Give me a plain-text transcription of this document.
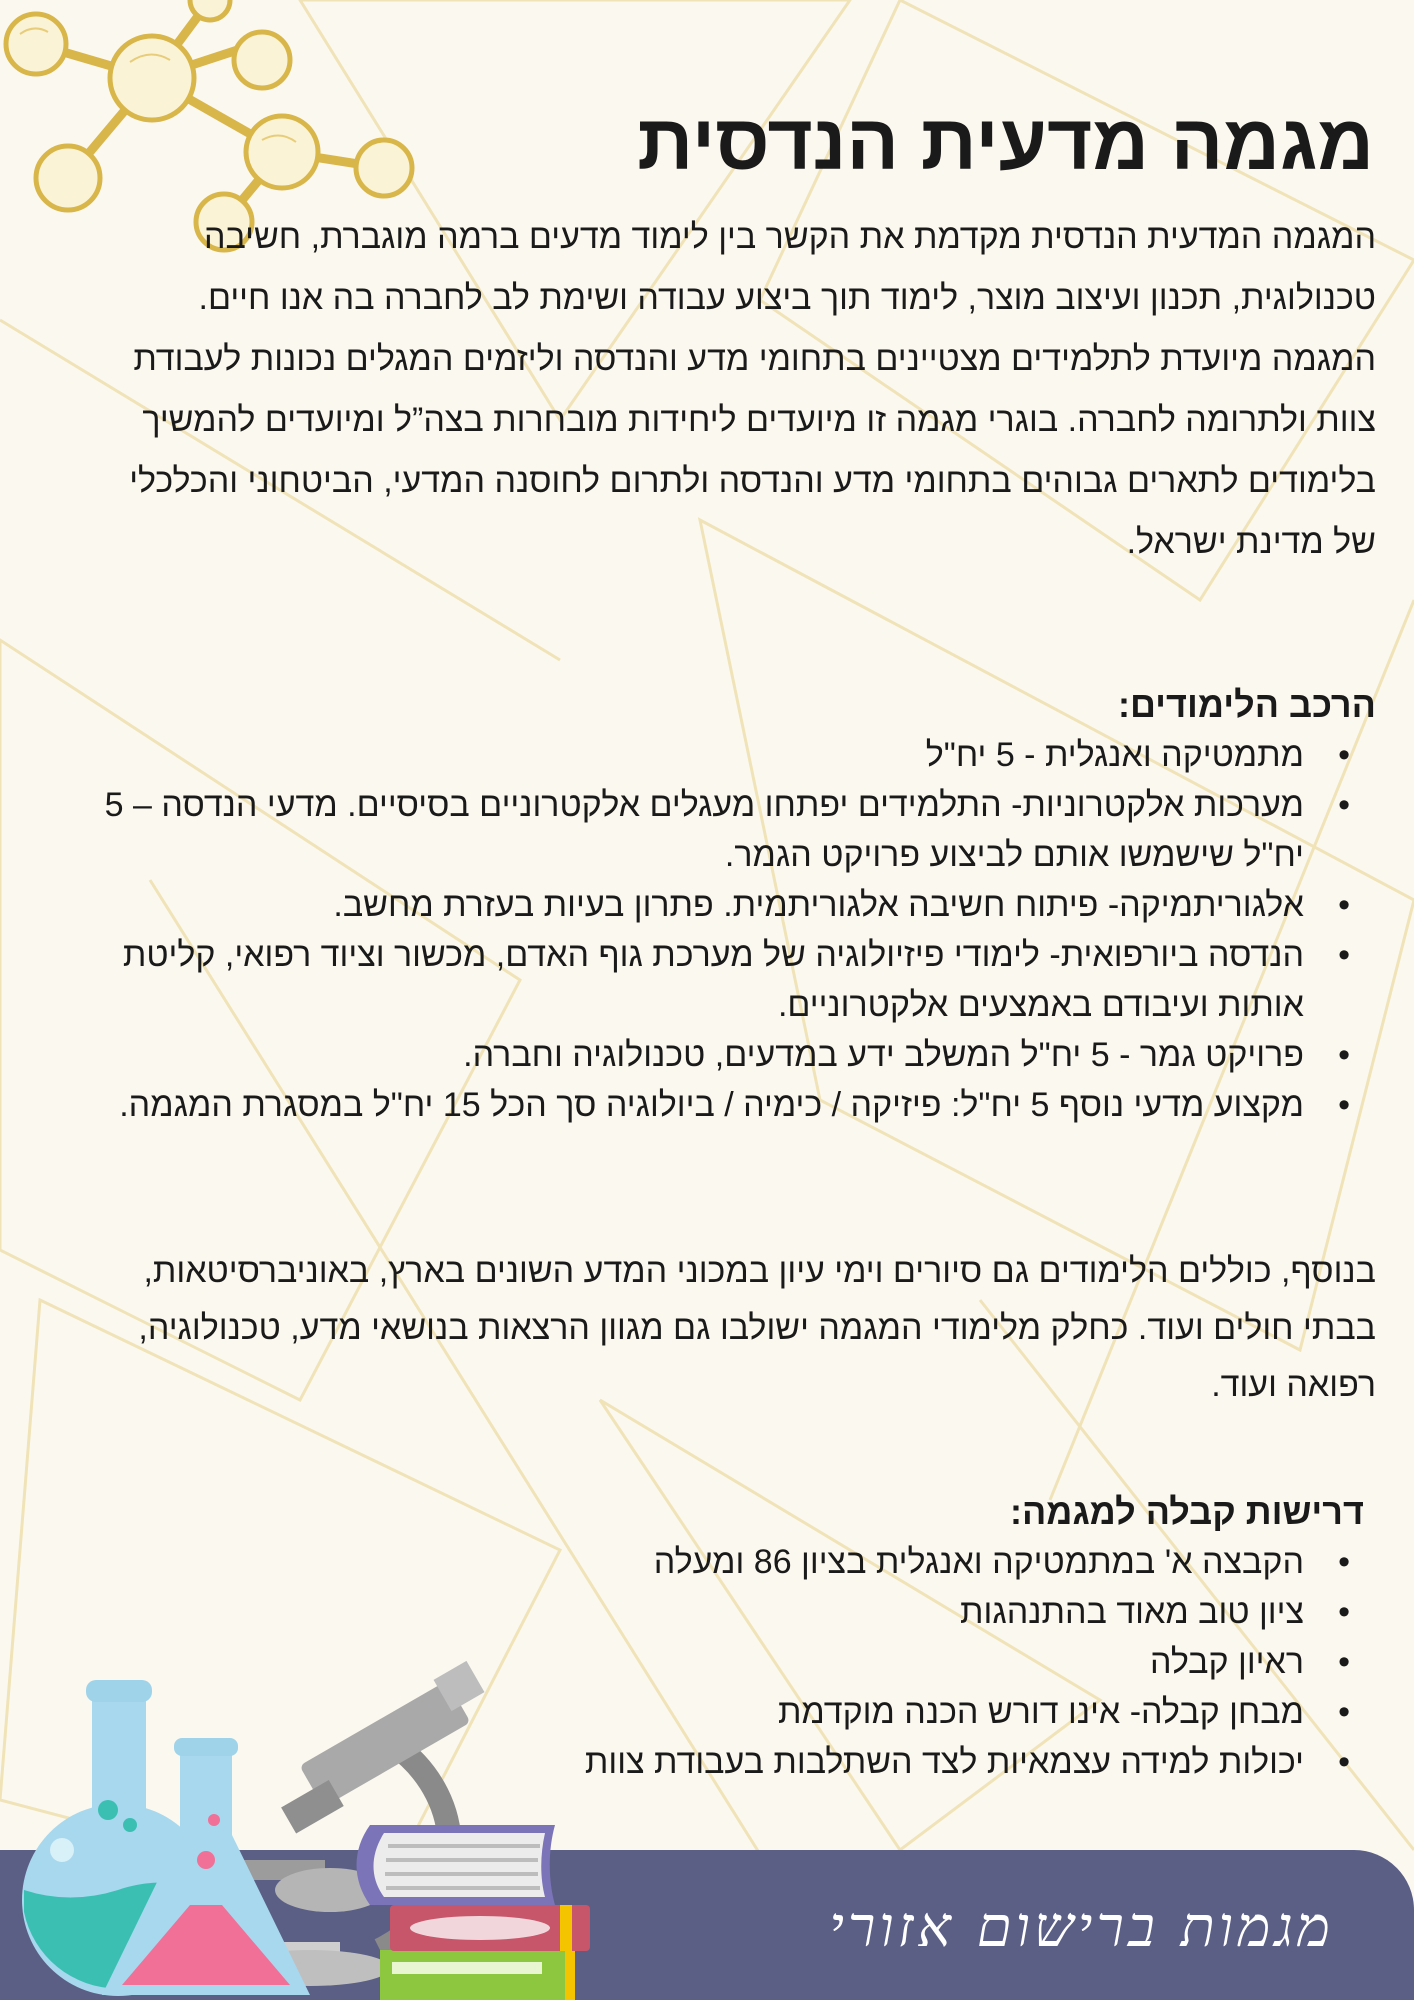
מגמה מדעית הנדסית

המגמה המדעית הנדסית מקדמת את הקשר בין לימוד מדעים ברמה מוגברת, חשיבה טכנולוגית, תכנון ועיצוב מוצר, לימוד תוך ביצוע עבודה ושימת לב לחברה בה אנו חיים. המגמה מיועדת לתלמידים מצטיינים בתחומי מדע והנדסה וליזמים המגלים נכונות לעבודת צוות ולתרומה לחברה. בוגרי מגמה זו מיועדים ליחידות מובחרות בצה”ל ומיועדים להמשיך בלימודים לתארים גבוהים בתחומי מדע והנדסה ולתרום לחוסנה המדעי, הביטחוני והכלכלי של מדינת ישראל.

הרכב הלימודים:
•
מתמטיקה ואנגלית - 5 יח"ל
•
מערכות אלקטרוניות- התלמידים יפתחו מעגלים אלקטרוניים בסיסיים. מדעי הנדסה – 5 יח"ל שישמשו אותם לביצוע פרויקט הגמר.
•
אלגוריתמיקה- פיתוח חשיבה אלגוריתמית. פתרון בעיות בעזרת מחשב.
•
הנדסה ביורפואית- לימודי פיזיולוגיה של מערכת גוף האדם, מכשור וציוד רפואי, קליטת אותות ועיבודם באמצעים אלקטרוניים.
•
פרויקט גמר - 5 יח"ל המשלב ידע במדעים, טכנולוגיה וחברה.
•
מקצוע מדעי נוסף 5 יח"ל: פיזיקה / כימיה / ביולוגיה סך הכל 15 יח"ל במסגרת המגמה.

בנוסף, כוללים הלימודים גם סיורים וימי עיון במכוני המדע השונים בארץ, באוניברסיטאות, בבתי חולים ועוד. כחלק מלימודי המגמה ישולבו גם מגוון הרצאות בנושאי מדע, טכנולוגיה, רפואה ועוד.

דרישות קבלה למגמה:
•
הקבצה א' במתמטיקה ואנגלית בציון 86 ומעלה
•
ציון טוב מאוד בהתנהגות
•
ראיון קבלה
•
מבחן קבלה- אינו דורש הכנה מוקדמת
•
יכולות למידה עצמאיות לצד השתלבות בעבודת צוות
מגמות ברישום אזורי
